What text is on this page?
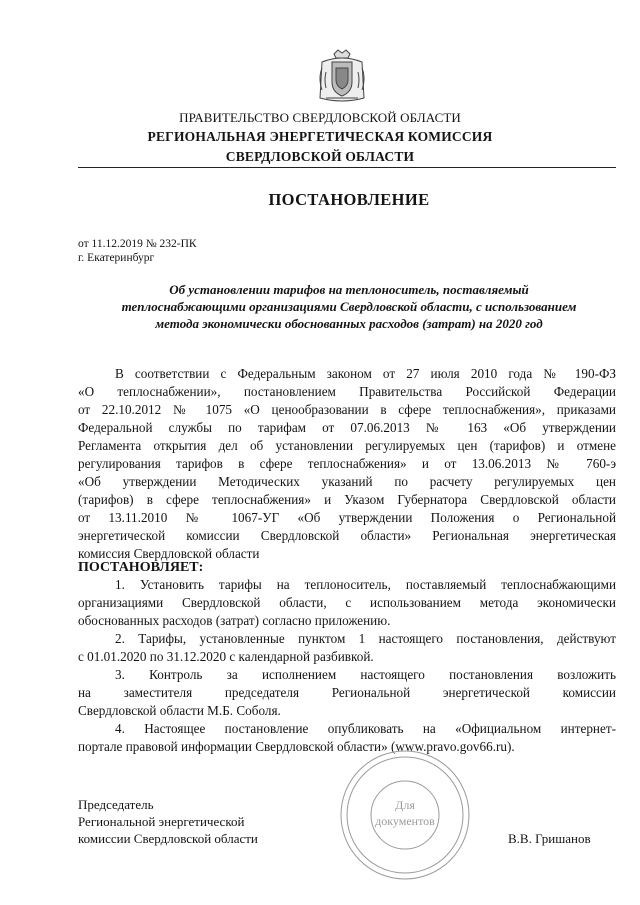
ПРАВИТЕЛЬСТВО СВЕРДЛОВСКОЙ ОБЛАСТИ
РЕГИОНАЛЬНАЯ ЭНЕРГЕТИЧЕСКАЯ КОМИССИЯ
СВЕРДЛОВСКОЙ ОБЛАСТИ
ПОСТАНОВЛЕНИЕ
от 11.12.2019 № 232-ПК
г. Екатеринбург
Об установлении тарифов на теплоноситель, поставляемый
теплоснабжающими организациями Свердловской области, с использованием
метода экономически обоснованных расходов (затрат) на 2020 год
В соответствии с Федеральным законом от 27 июля 2010 года № 190-ФЗ
«О теплоснабжении», постановлением Правительства Российской Федерации
от 22.10.2012 № 1075 «О ценообразовании в сфере теплоснабжения», приказами
Федеральной службы по тарифам от 07.06.2013 № 163 «Об утверждении
Регламента открытия дел об установлении регулируемых цен (тарифов) и отмене
регулирования тарифов в сфере теплоснабжения» и от 13.06.2013 № 760-э
«Об утверждении Методических указаний по расчету регулируемых цен
(тарифов) в сфере теплоснабжения» и Указом Губернатора Свердловской области
от 13.11.2010 № 1067-УГ «Об утверждении Положения о Региональной
энергетической комиссии Свердловской области» Региональная энергетическая
комиссия Свердловской области
ПОСТАНОВЛЯЕТ:
1. Установить тарифы на теплоноситель, поставляемый теплоснабжающими
организациями Свердловской области, с использованием метода экономически
обоснованных расходов (затрат) согласно приложению.
2. Тарифы, установленные пунктом 1 настоящего постановления, действуют
с 01.01.2020 по 31.12.2020 с календарной разбивкой.
3. Контроль за исполнением настоящего постановления возложить
на заместителя председателя Региональной энергетической комиссии
Свердловской области М.Б. Соболя.
4. Настоящее постановление опубликовать на «Официальном интернет-
портале правовой информации Свердловской области» (www.pravo.gov66.ru).
Для
документов
Председатель
Региональной энергетической
комиссии Свердловской области	В.В. Гришанов
